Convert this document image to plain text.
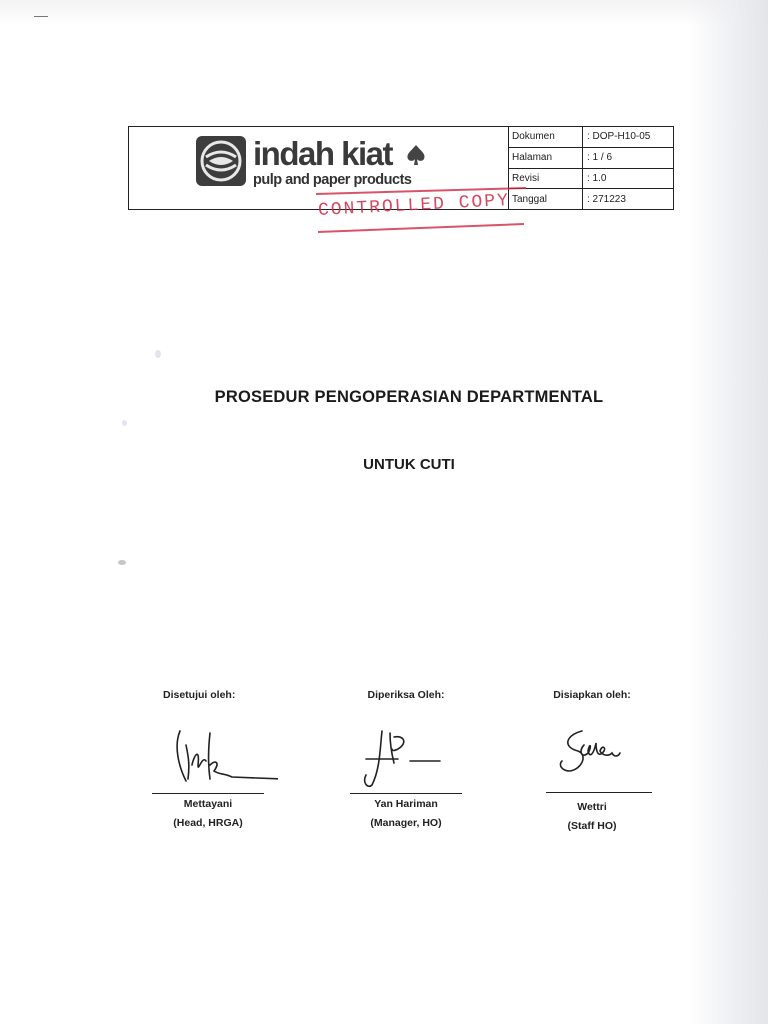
indah kiat
pulp and paper products
Dokumen	: DOP-H10-05
Halaman	: 1 / 6
Revisi	: 1.0
Tanggal	: 271223
CONTROLLED COPY
PROSEDUR PENGOPERASIAN DEPARTMENTAL
UNTUK CUTI
Disetujui oleh:
Mettayani
(Head, HRGA)
Diperiksa Oleh:
Yan Hariman
(Manager, HO)
Disiapkan oleh:
Wettri
(Staff HO)
